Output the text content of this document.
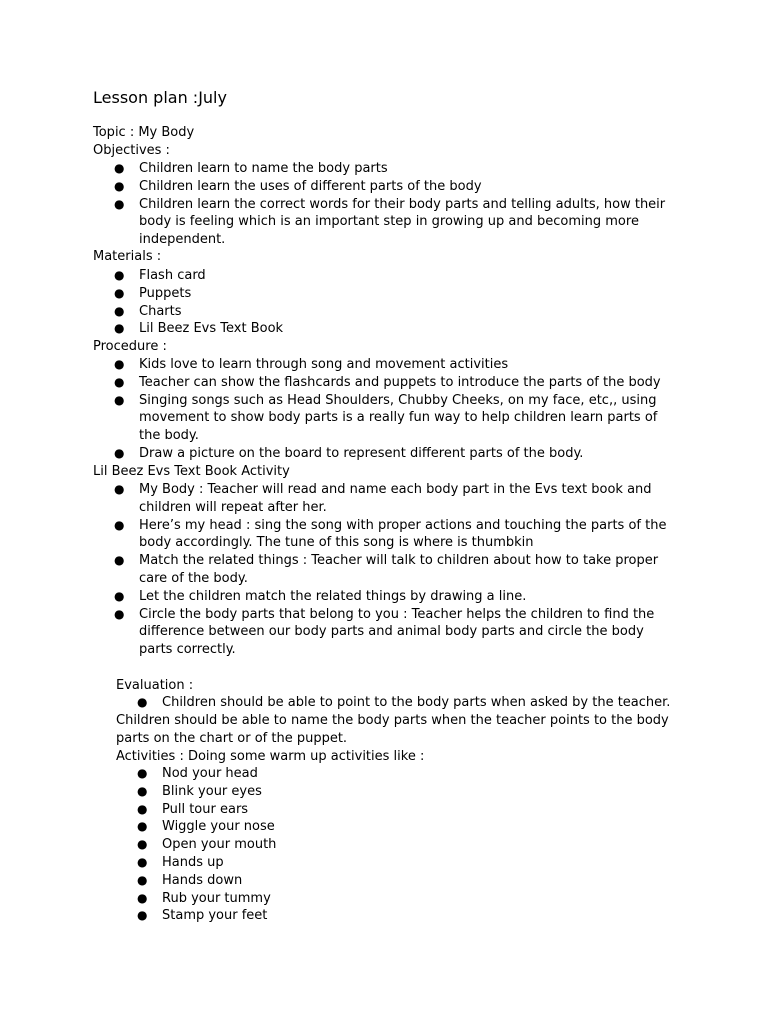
Lesson plan :July
Topic : My Body
Objectives :
● Children learn to name the body parts
● Children learn the uses of different parts of the body
● Children learn the correct words for their body parts and telling adults, how their body is feeling which is an important step in growing up and becoming more independent.
Materials :
● Flash card
● Puppets
● Charts
● Lil Beez Evs Text Book
Procedure :
● Kids love to learn through song and movement activities
● Teacher can show the flashcards and puppets to introduce the parts of the body
● Singing songs such as Head Shoulders, Chubby Cheeks, on my face, etc,, using movement to show body parts is a really fun way to help children learn parts of the body.
● Draw a picture on the board to represent different parts of the body.
Lil Beez Evs Text Book Activity
● My Body : Teacher will read and name each body part in the Evs text book and children will repeat after her.
● Here’s my head : sing the song with proper actions and touching the parts of the body accordingly. The tune of this song is where is thumbkin
● Match the related things : Teacher will talk to children about how to take proper care of the body.
● Let the children match the related things by drawing a line.
● Circle the body parts that belong to you : Teacher helps the children to find the difference between our body parts and animal body parts and circle the body parts correctly.
Evaluation :
● Children should be able to point to the body parts when asked by the teacher.
Children should be able to name the body parts when the teacher points to the body parts on the chart or of the puppet.
Activities : Doing some warm up activities like :
● Nod your head
● Blink your eyes
● Pull tour ears
● Wiggle your nose
● Open your mouth
● Hands up
● Hands down
● Rub your tummy
● Stamp your feet
